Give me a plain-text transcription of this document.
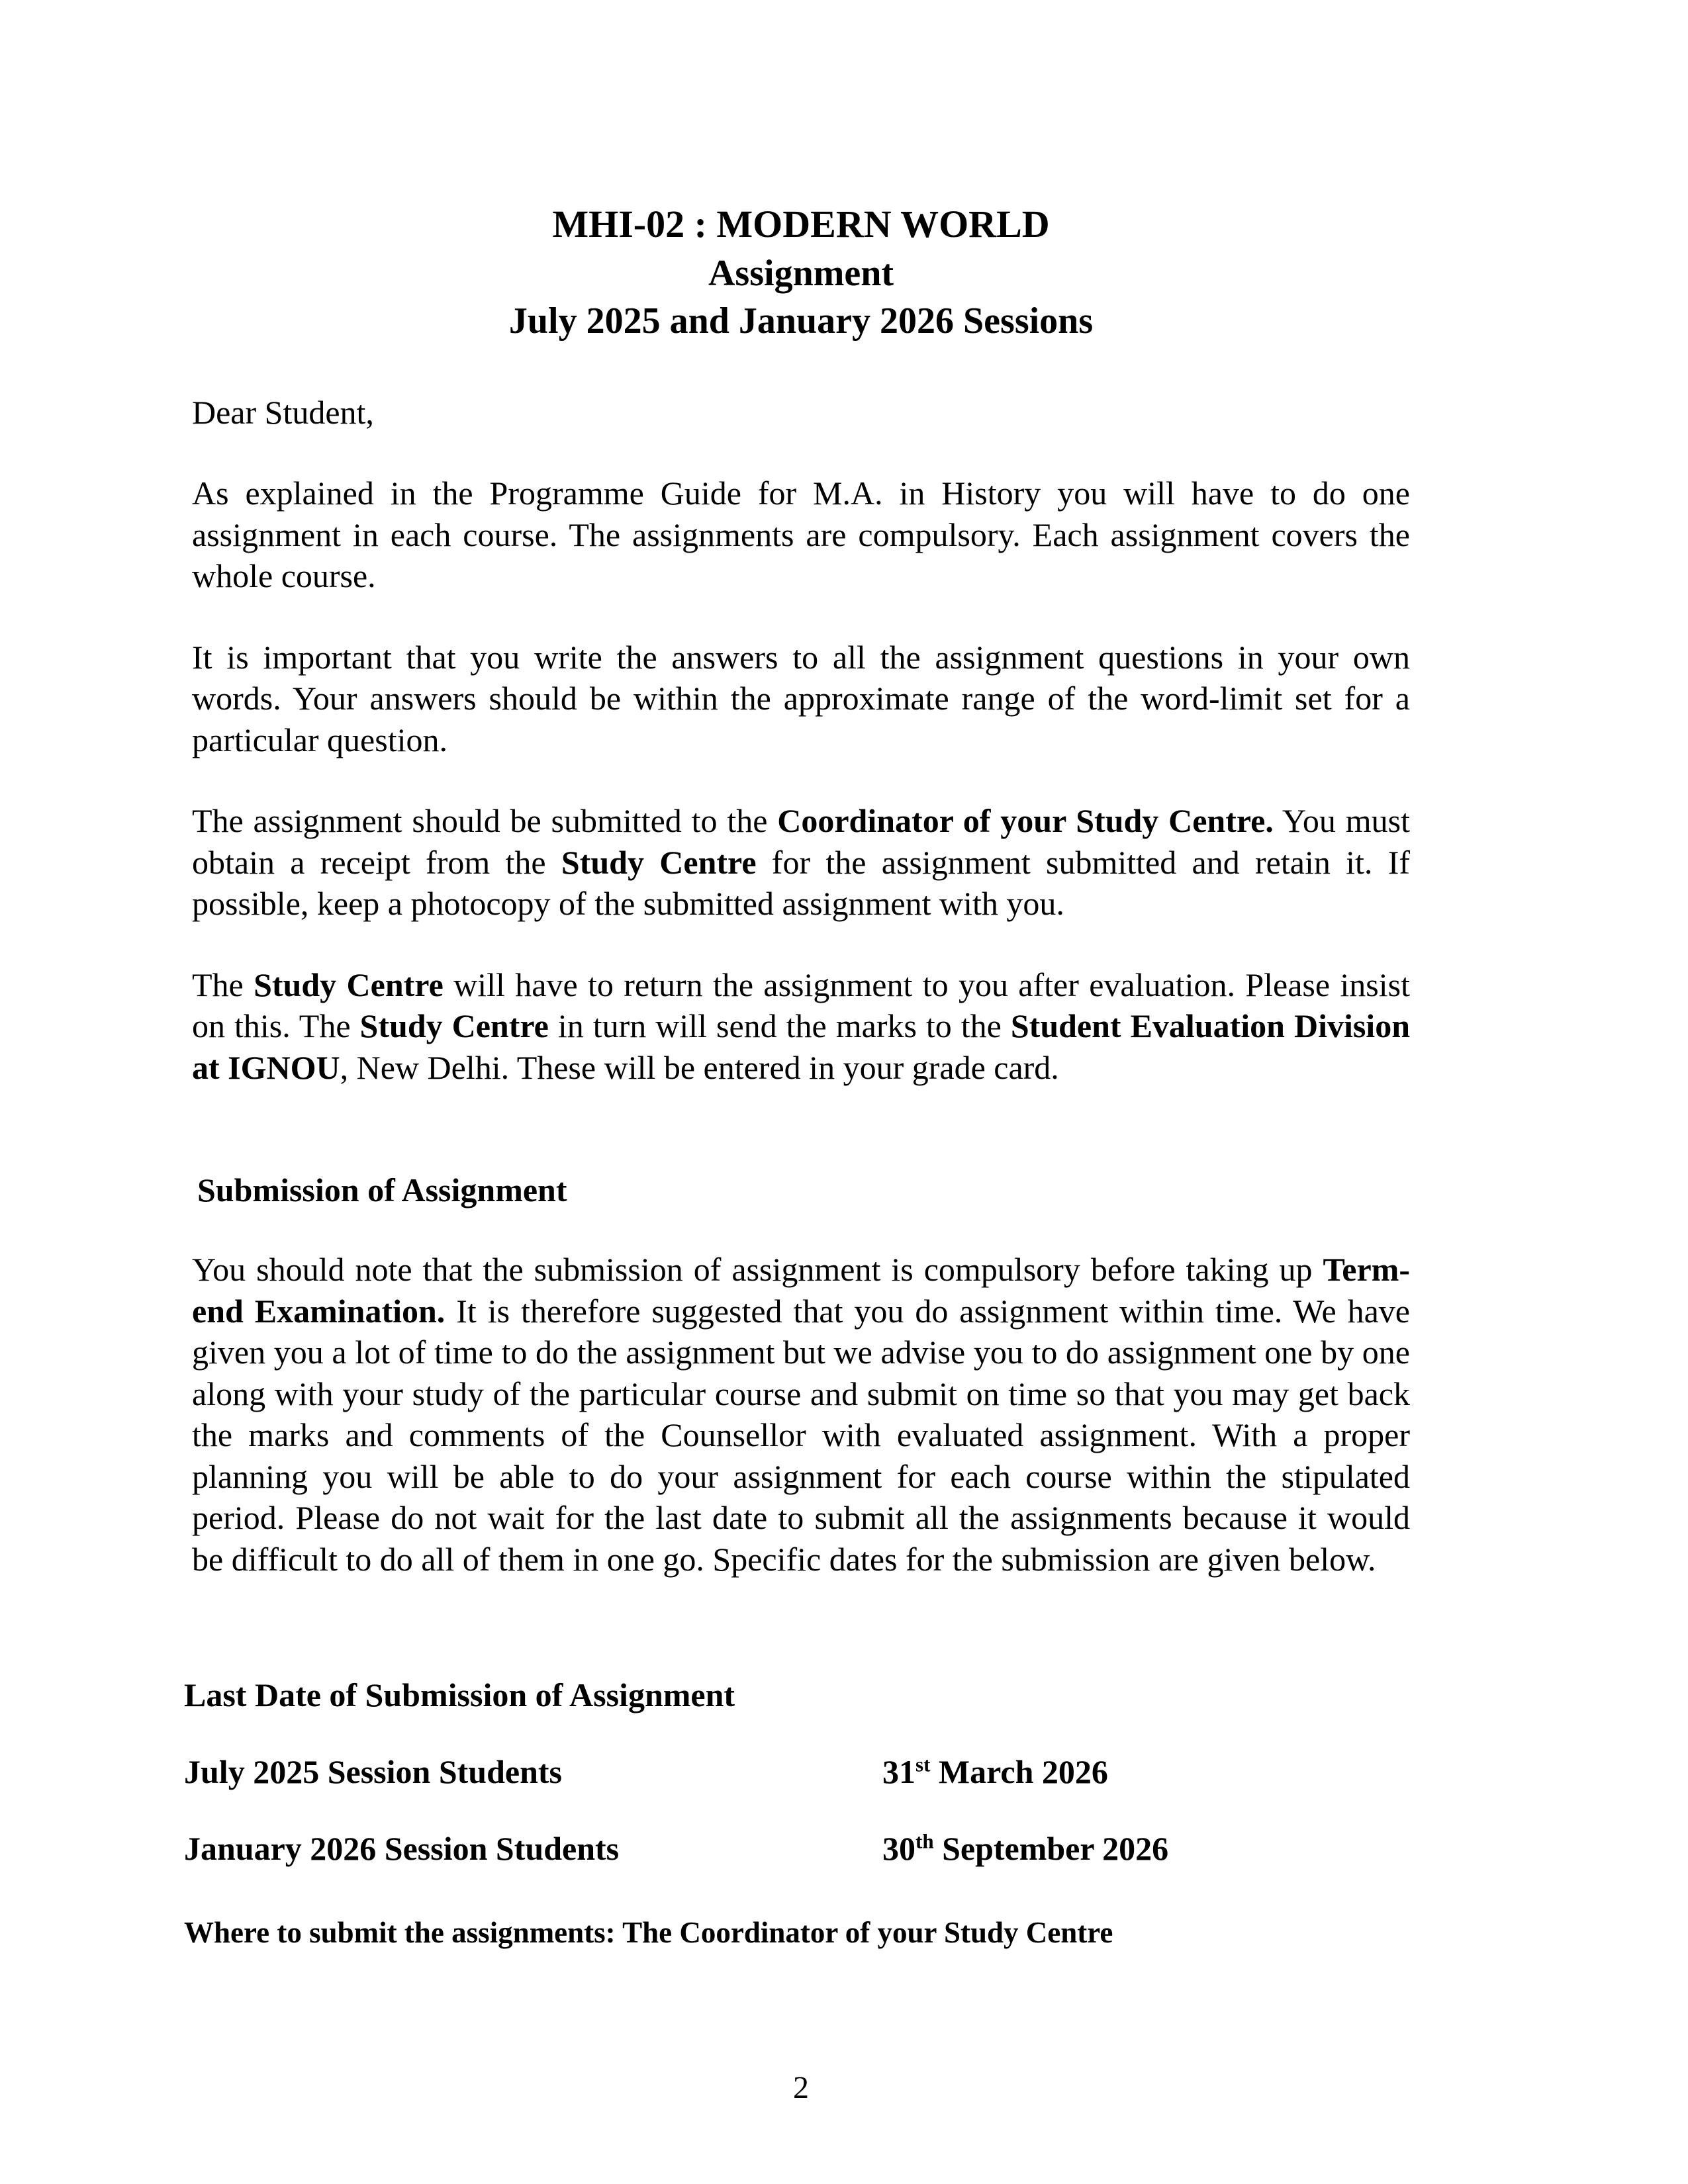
MHI-02 : MODERN WORLD
Assignment
July 2025 and January 2026 Sessions

Dear Student,

As explained in the Programme Guide for M.A. in History you will have to do one assignment in each course. The assignments are compulsory. Each assignment covers the whole course.

It is important that you write the answers to all the assignment questions in your own words. Your answers should be within the approximate range of the word-limit set for a particular question.

The assignment should be submitted to the Coordinator of your Study Centre. You must obtain a receipt from the Study Centre for the assignment submitted and retain it. If possible, keep a photocopy of the submitted assignment with you.

The Study Centre will have to return the assignment to you after evaluation. Please insist on this. The Study Centre in turn will send the marks to the Student Evaluation Division at IGNOU, New Delhi. These will be entered in your grade card.

Submission of Assignment

You should note that the submission of assignment is compulsory before taking up Term-end Examination. It is therefore suggested that you do assignment within time. We have given you a lot of time to do the assignment but we advise you to do assignment one by one along with your study of the particular course and submit on time so that you may get back the marks and comments of the Counsellor with evaluated assignment. With a proper planning you will be able to do your assignment for each course within the stipulated period. Please do not wait for the last date to submit all the assignments because it would be difficult to do all of them in one go. Specific dates for the submission are given below.

Last Date of Submission of Assignment
July 2025 Session Students	31st March 2026
January 2026 Session Students	30th September 2026
Where to submit the assignments: The Coordinator of your Study Centre
2
